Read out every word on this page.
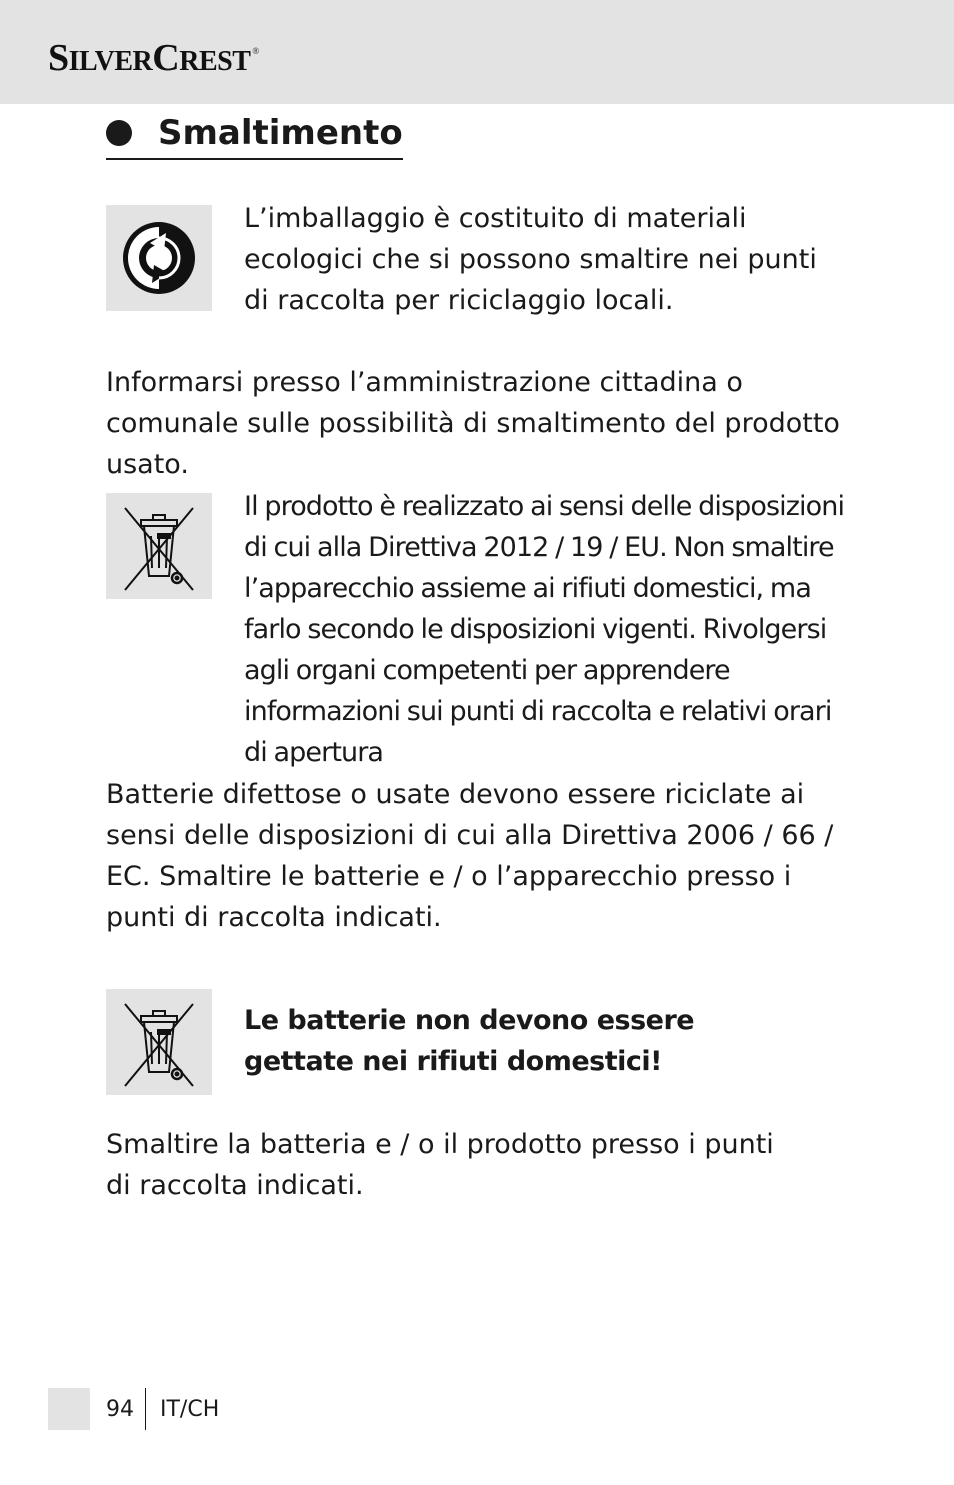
SILVERCREST ®
Smaltimento

L’imballaggio è costituito di materiali ecologici che si possono smaltire nei punti di raccolta per riciclaggio locali.

Informarsi presso l’amministrazione cittadina o comunale sulle possibilità di smaltimento del prodotto usato.

Il prodotto è realizzato ai sensi delle disposizioni di cui alla Direttiva 2012 / 19 / EU. Non smaltire l’apparecchio assieme ai rifiuti domestici, ma farlo secondo le disposizioni vigenti. Rivolgersi agli organi competenti per apprendere informazioni sui punti di raccolta e relativi orari di apertura

Batterie difettose o usate devono essere riciclate ai sensi delle disposizioni di cui alla Direttiva 2006 / 66 / EC. Smaltire le batterie e / o l’apparecchio presso i punti di raccolta indicati.

Le batterie non devono essere gettate nei rifiuti domestici!

Smaltire la batteria e / o il prodotto presso i punti di raccolta indicati.

94 IT/CH
